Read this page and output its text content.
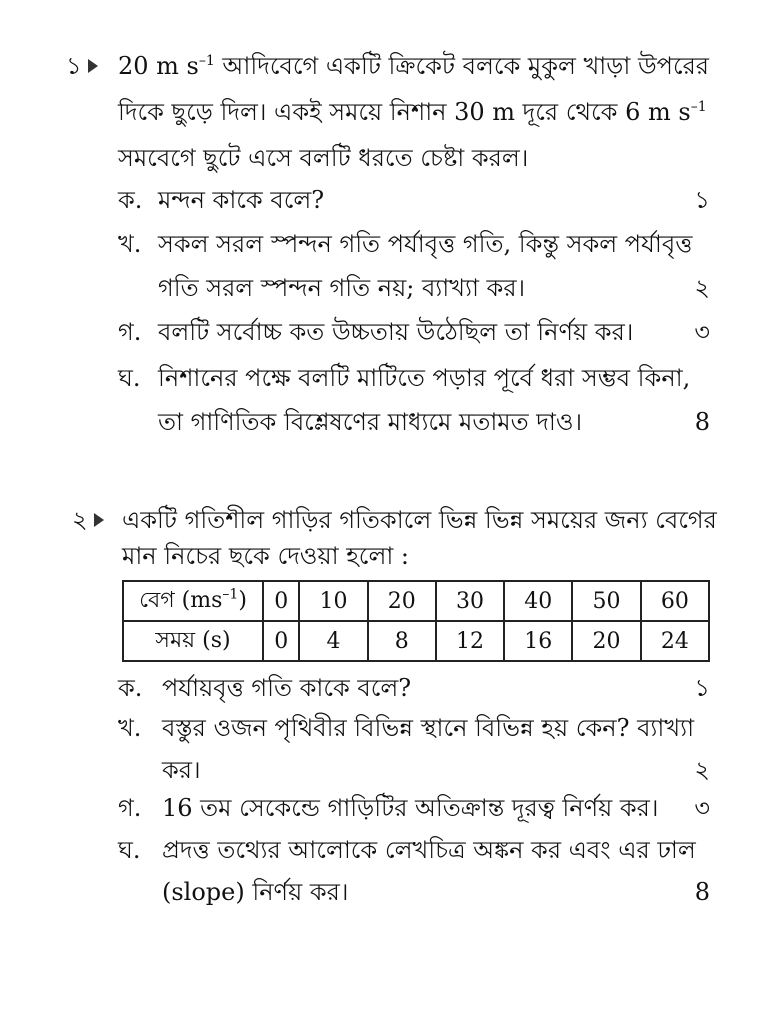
১ 20 m $s^{-1}$ আদিবেগে একটি ক্রিকেট বলকে মুকুল খাড়া উপরের
দিকে ছুড়ে দিল। একই সময়ে নিশান 30 m দূরে থেকে 6 m $s^{-1}$
সমবেগে ছুটে এসে বলটি ধরতে চেষ্টা করল।
ক. মন্দন কাকে বলে?	১
খ. সকল সরল স্পন্দন গতি পর্যাবৃত্ত গতি, কিন্তু সকল পর্যাবৃত্ত
গতি সরল স্পন্দন গতি নয়; ব্যাখ্যা কর।	২
গ. বলটি সর্বোচ্চ কত উচ্চতায় উঠেছিল তা নির্ণয় কর।	৩
ঘ. নিশানের পক্ষে বলটি মাটিতে পড়ার পূর্বে ধরা সম্ভব কিনা,
তা গাণিতিক বিশ্লেষণের মাধ্যমে মতামত দাও।	8
২ একটি গতিশীল গাড়ির গতিকালে ভিন্ন ভিন্ন সময়ের জন্য বেগের
মান নিচের ছকে দেওয়া হলো :
বেগ $(ms^{-1})$	0	10	20	30	40	50	60
সময় (s)	0	4	8	12	16	20	24
ক. পর্যায়বৃত্ত গতি কাকে বলে?	১
খ. বস্তুর ওজন পৃথিবীর বিভিন্ন স্থানে বিভিন্ন হয় কেন? ব্যাখ্যা
কর।	২
গ. 16 তম সেকেন্ডে গাড়িটির অতিক্রান্ত দূরত্ব নির্ণয় কর।	৩
ঘ. প্রদত্ত তথ্যের আলোকে লেখচিত্র অঙ্কন কর এবং এর ঢাল
(slope) নির্ণয় কর।	8
